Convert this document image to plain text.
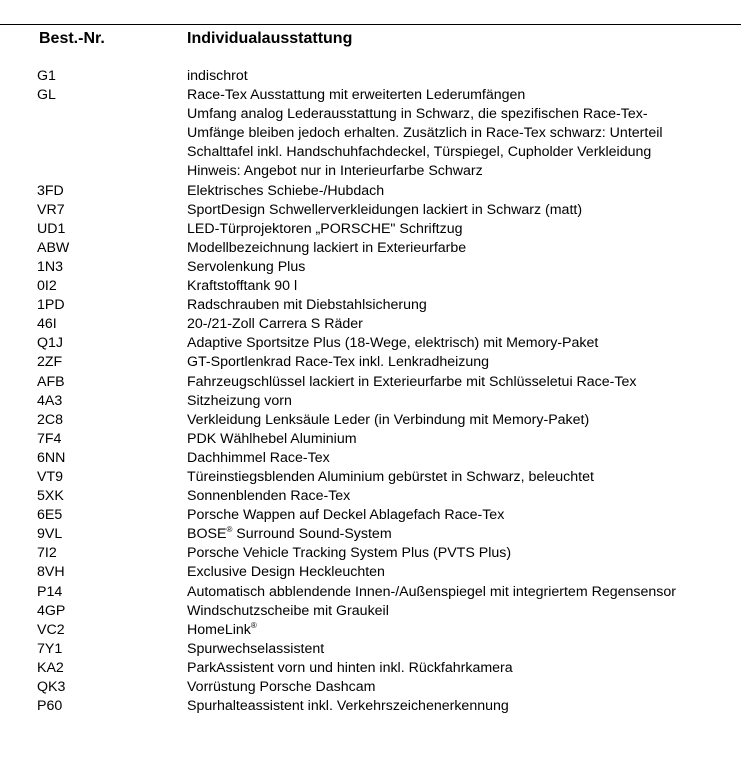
Best.-Nr.	Individualausstattung
G1	indischrot
GL	Race-Tex Ausstattung mit erweiterten Lederumfängen
Umfang analog Lederausstattung in Schwarz, die spezifischen Race-Tex-
Umfänge bleiben jedoch erhalten. Zusätzlich in Race-Tex schwarz: Unterteil
Schalttafel inkl. Handschuhfachdeckel, Türspiegel, Cupholder Verkleidung
Hinweis: Angebot nur in Interieurfarbe Schwarz
3FD	Elektrisches Schiebe-/Hubdach
VR7	SportDesign Schwellerverkleidungen lackiert in Schwarz (matt)
UD1	LED-Türprojektoren „PORSCHE" Schriftzug
ABW	Modellbezeichnung lackiert in Exterieurfarbe
1N3	Servolenkung Plus
0I2	Kraftstofftank 90 l
1PD	Radschrauben mit Diebstahlsicherung
46I	20-/21-Zoll Carrera S Räder
Q1J	Adaptive Sportsitze Plus (18-Wege, elektrisch) mit Memory-Paket
2ZF	GT-Sportlenkrad Race-Tex inkl. Lenkradheizung
AFB	Fahrzeugschlüssel lackiert in Exterieurfarbe mit Schlüsseletui Race-Tex
4A3	Sitzheizung vorn
2C8	Verkleidung Lenksäule Leder (in Verbindung mit Memory-Paket)
7F4	PDK Wählhebel Aluminium
6NN	Dachhimmel Race-Tex
VT9	Türeinstiegsblenden Aluminium gebürstet in Schwarz, beleuchtet
5XK	Sonnenblenden Race-Tex
6E5	Porsche Wappen auf Deckel Ablagefach Race-Tex
9VL	BOSE® Surround Sound-System
7I2	Porsche Vehicle Tracking System Plus (PVTS Plus)
8VH	Exclusive Design Heckleuchten
P14	Automatisch abblendende Innen-/Außenspiegel mit integriertem Regensensor
4GP	Windschutzscheibe mit Graukeil
VC2	HomeLink®
7Y1	Spurwechselassistent
KA2	ParkAssistent vorn und hinten inkl. Rückfahrkamera
QK3	Vorrüstung Porsche Dashcam
P60	Spurhalteassistent inkl. Verkehrszeichenerkennung
